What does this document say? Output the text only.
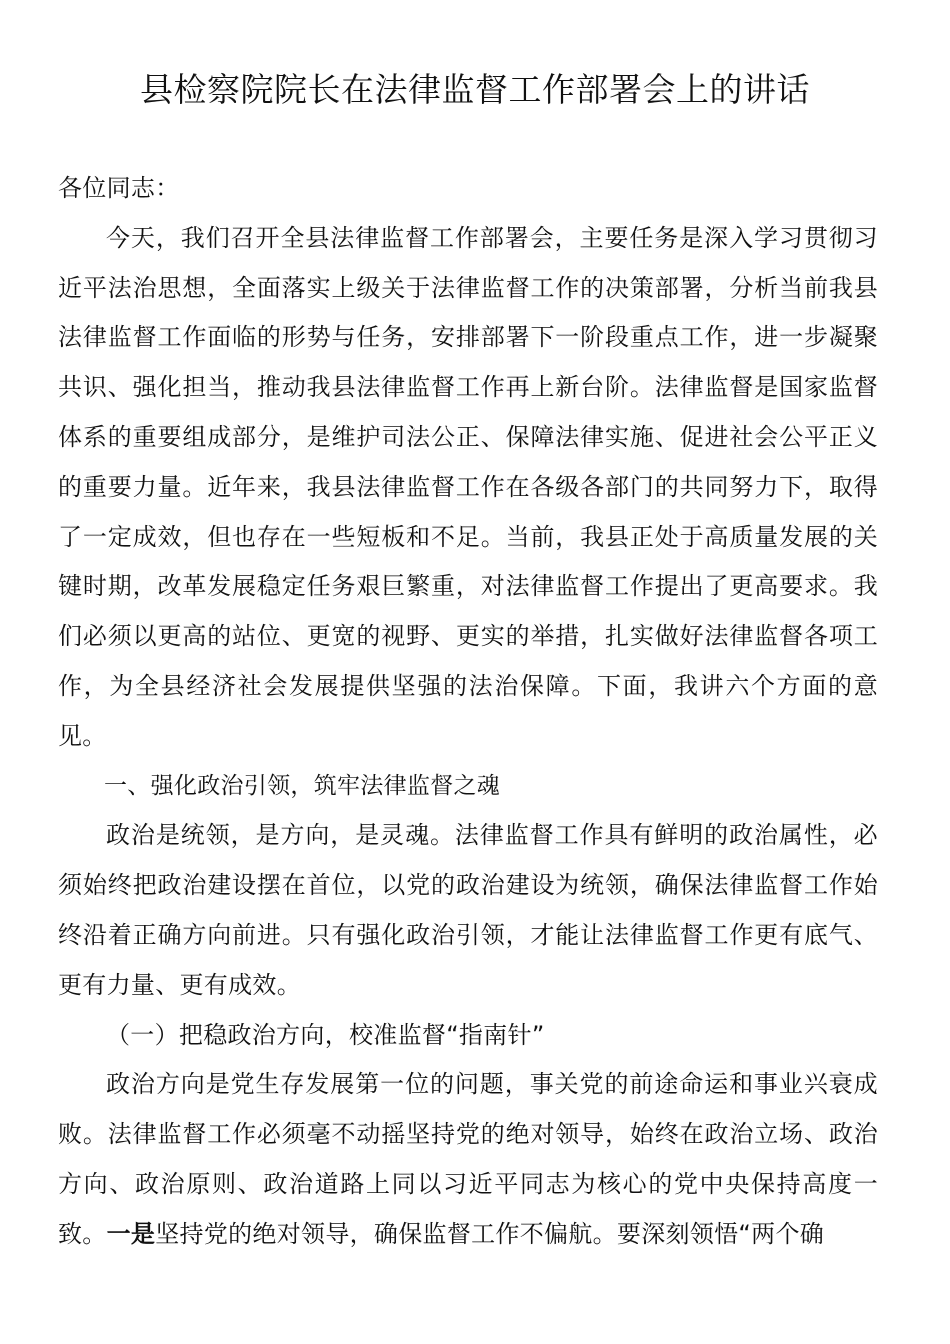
县检察院院长在法律监督工作部署会上的讲话

各位同志：

今天，我们召开全县法律监督工作部署会，主要任务是深入学习贯彻习近平法治思想，全面落实上级关于法律监督工作的决策部署，分析当前我县法律监督工作面临的形势与任务，安排部署下一阶段重点工作，进一步凝聚共识、强化担当，推动我县法律监督工作再上新台阶。法律监督是国家监督体系的重要组成部分，是维护司法公正、保障法律实施、促进社会公平正义的重要力量。近年来，我县法律监督工作在各级各部门的共同努力下，取得了一定成效，但也存在一些短板和不足。当前，我县正处于高质量发展的关键时期，改革发展稳定任务艰巨繁重，对法律监督工作提出了更高要求。我们必须以更高的站位、更宽的视野、更实的举措，扎实做好法律监督各项工作，为全县经济社会发展提供坚强的法治保障。下面，我讲六个方面的意见。

一、强化政治引领，筑牢法律监督之魂

政治是统领，是方向，是灵魂。法律监督工作具有鲜明的政治属性，必须始终把政治建设摆在首位，以党的政治建设为统领，确保法律监督工作始终沿着正确方向前进。只有强化政治引领，才能让法律监督工作更有底气、更有力量、更有成效。

（一）把稳政治方向，校准监督“指南针”

政治方向是党生存发展第一位的问题，事关党的前途命运和事业兴衰成败。法律监督工作必须毫不动摇坚持党的绝对领导，始终在政治立场、政治方向、政治原则、政治道路上同以习近平同志为核心的党中央保持高度一致。一是坚持党的绝对领导，确保监督工作不偏航。要深刻领悟“两个确
